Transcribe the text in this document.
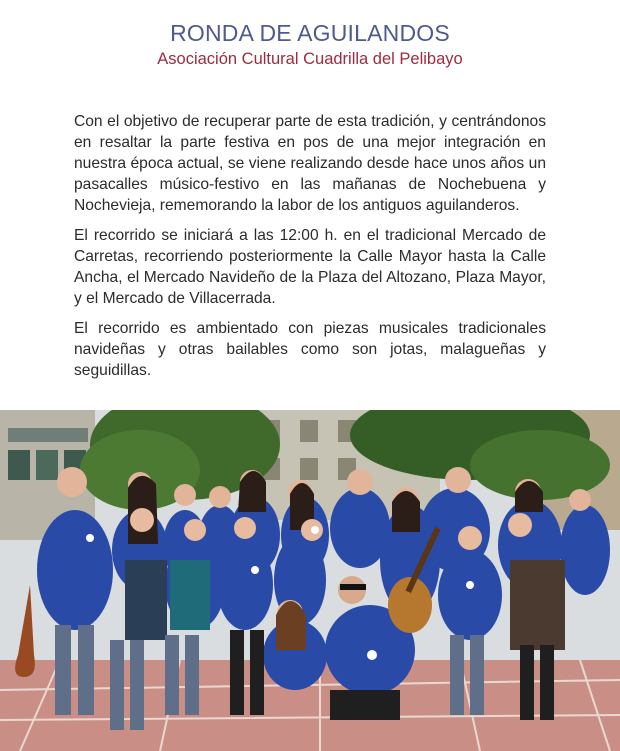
RONDA DE AGUILANDOS
Asociación Cultural Cuadrilla del Pelibayo

Con el objetivo de recuperar parte de esta tradición, y centrándonos en resaltar la parte festiva en pos de una mejor integración en nuestra época actual, se viene realizando desde hace unos años un pasacalles músico-festivo en las mañanas de Nochebuena y Nochevieja, rememorando la labor de los antiguos aguilanderos.

El recorrido se iniciará a las 12:00 h. en el tradicional Mercado de Carretas, recorriendo posteriormente la Calle Mayor hasta la Calle Ancha, el Mercado Navideño de la Plaza del Altozano, Plaza Mayor, y el Mercado de Villacerrada.

El recorrido es ambientado con piezas musicales tradicionales navideñas y otras bailables como son jotas, malagueñas y seguidillas.
